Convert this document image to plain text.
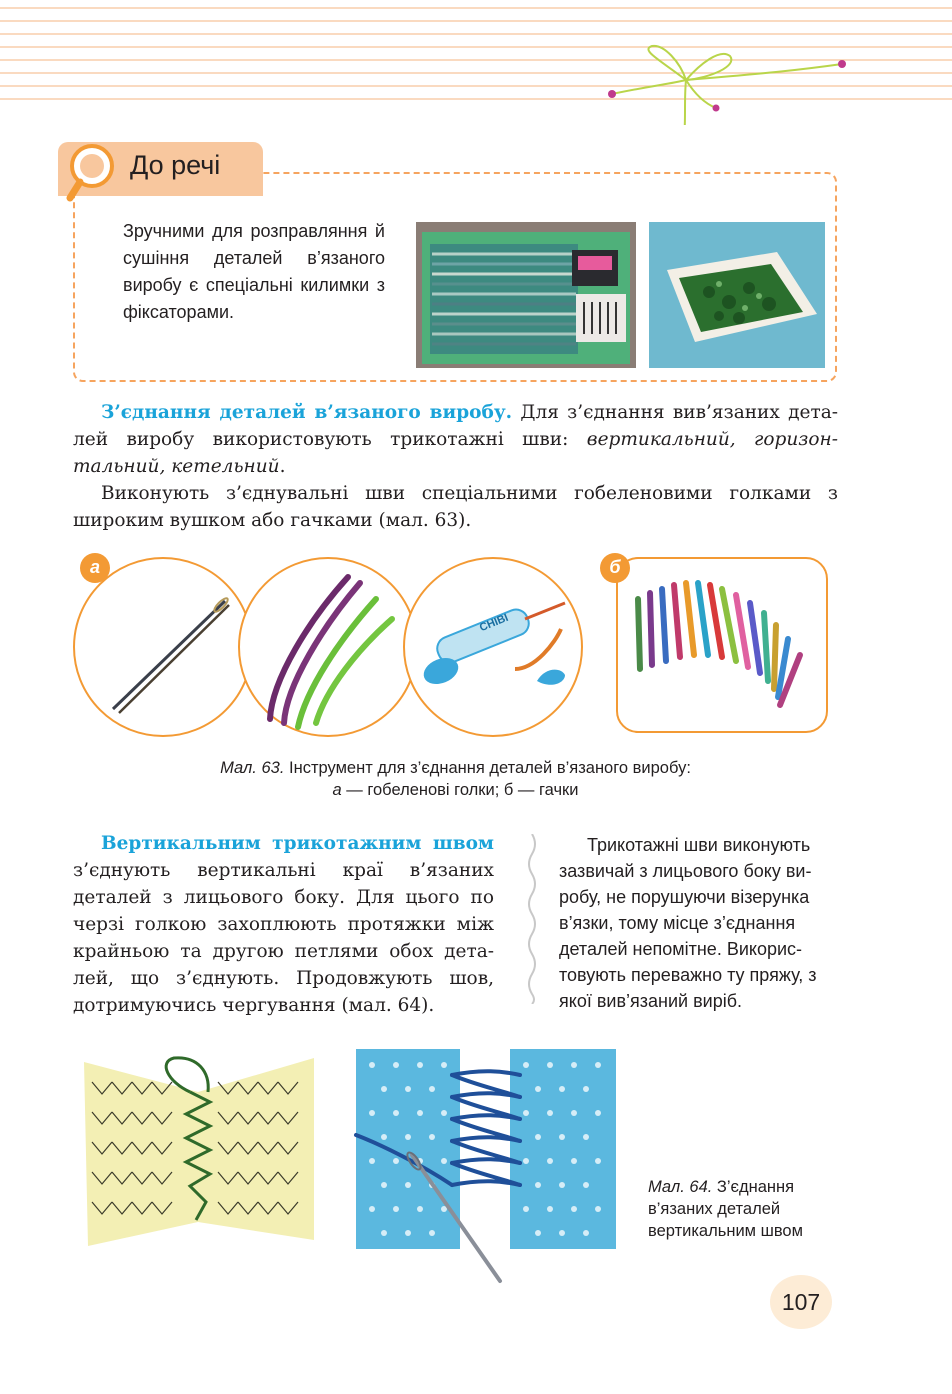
До речі
Зручними для розправляння й сушіння деталей в’язаного виробу є спеціальні килимки з фіксаторами.
З’єднання деталей в’язаного виробу. Для з’єднання вив’язаних деталей виробу використовують трикотажні шви: вертикальний, горизонтальний, кетельний.
Виконують з’єднувальні шви спеціальними гобеленовими голками з широким вушком або гачками (мал. 63).
CHIBI
а	б
Мал. 63. Інструмент для з’єднання деталей в’язаного виробу:
а — гобеленові голки; б — гачки
Вертикальним трикотажним швом з’єднують вертикальні краї в’язаних деталей з лицьового боку. Для цього по черзі голкою захоплюють протяжки між крайньою та другою петлями обох деталей, що з’єднують. Продовжують шов, дотримуючись чергування (мал. 64).
Трикотажні шви виконують зазвичай з лицьового боку виробу, не порушуючи візерунка в’язки, тому місце з’єднання деталей непомітне. Використовують переважно ту пряжу, з якої вив’язаний виріб.
Мал. 64. З’єднання в’язаних деталей вертикальним швом
107
